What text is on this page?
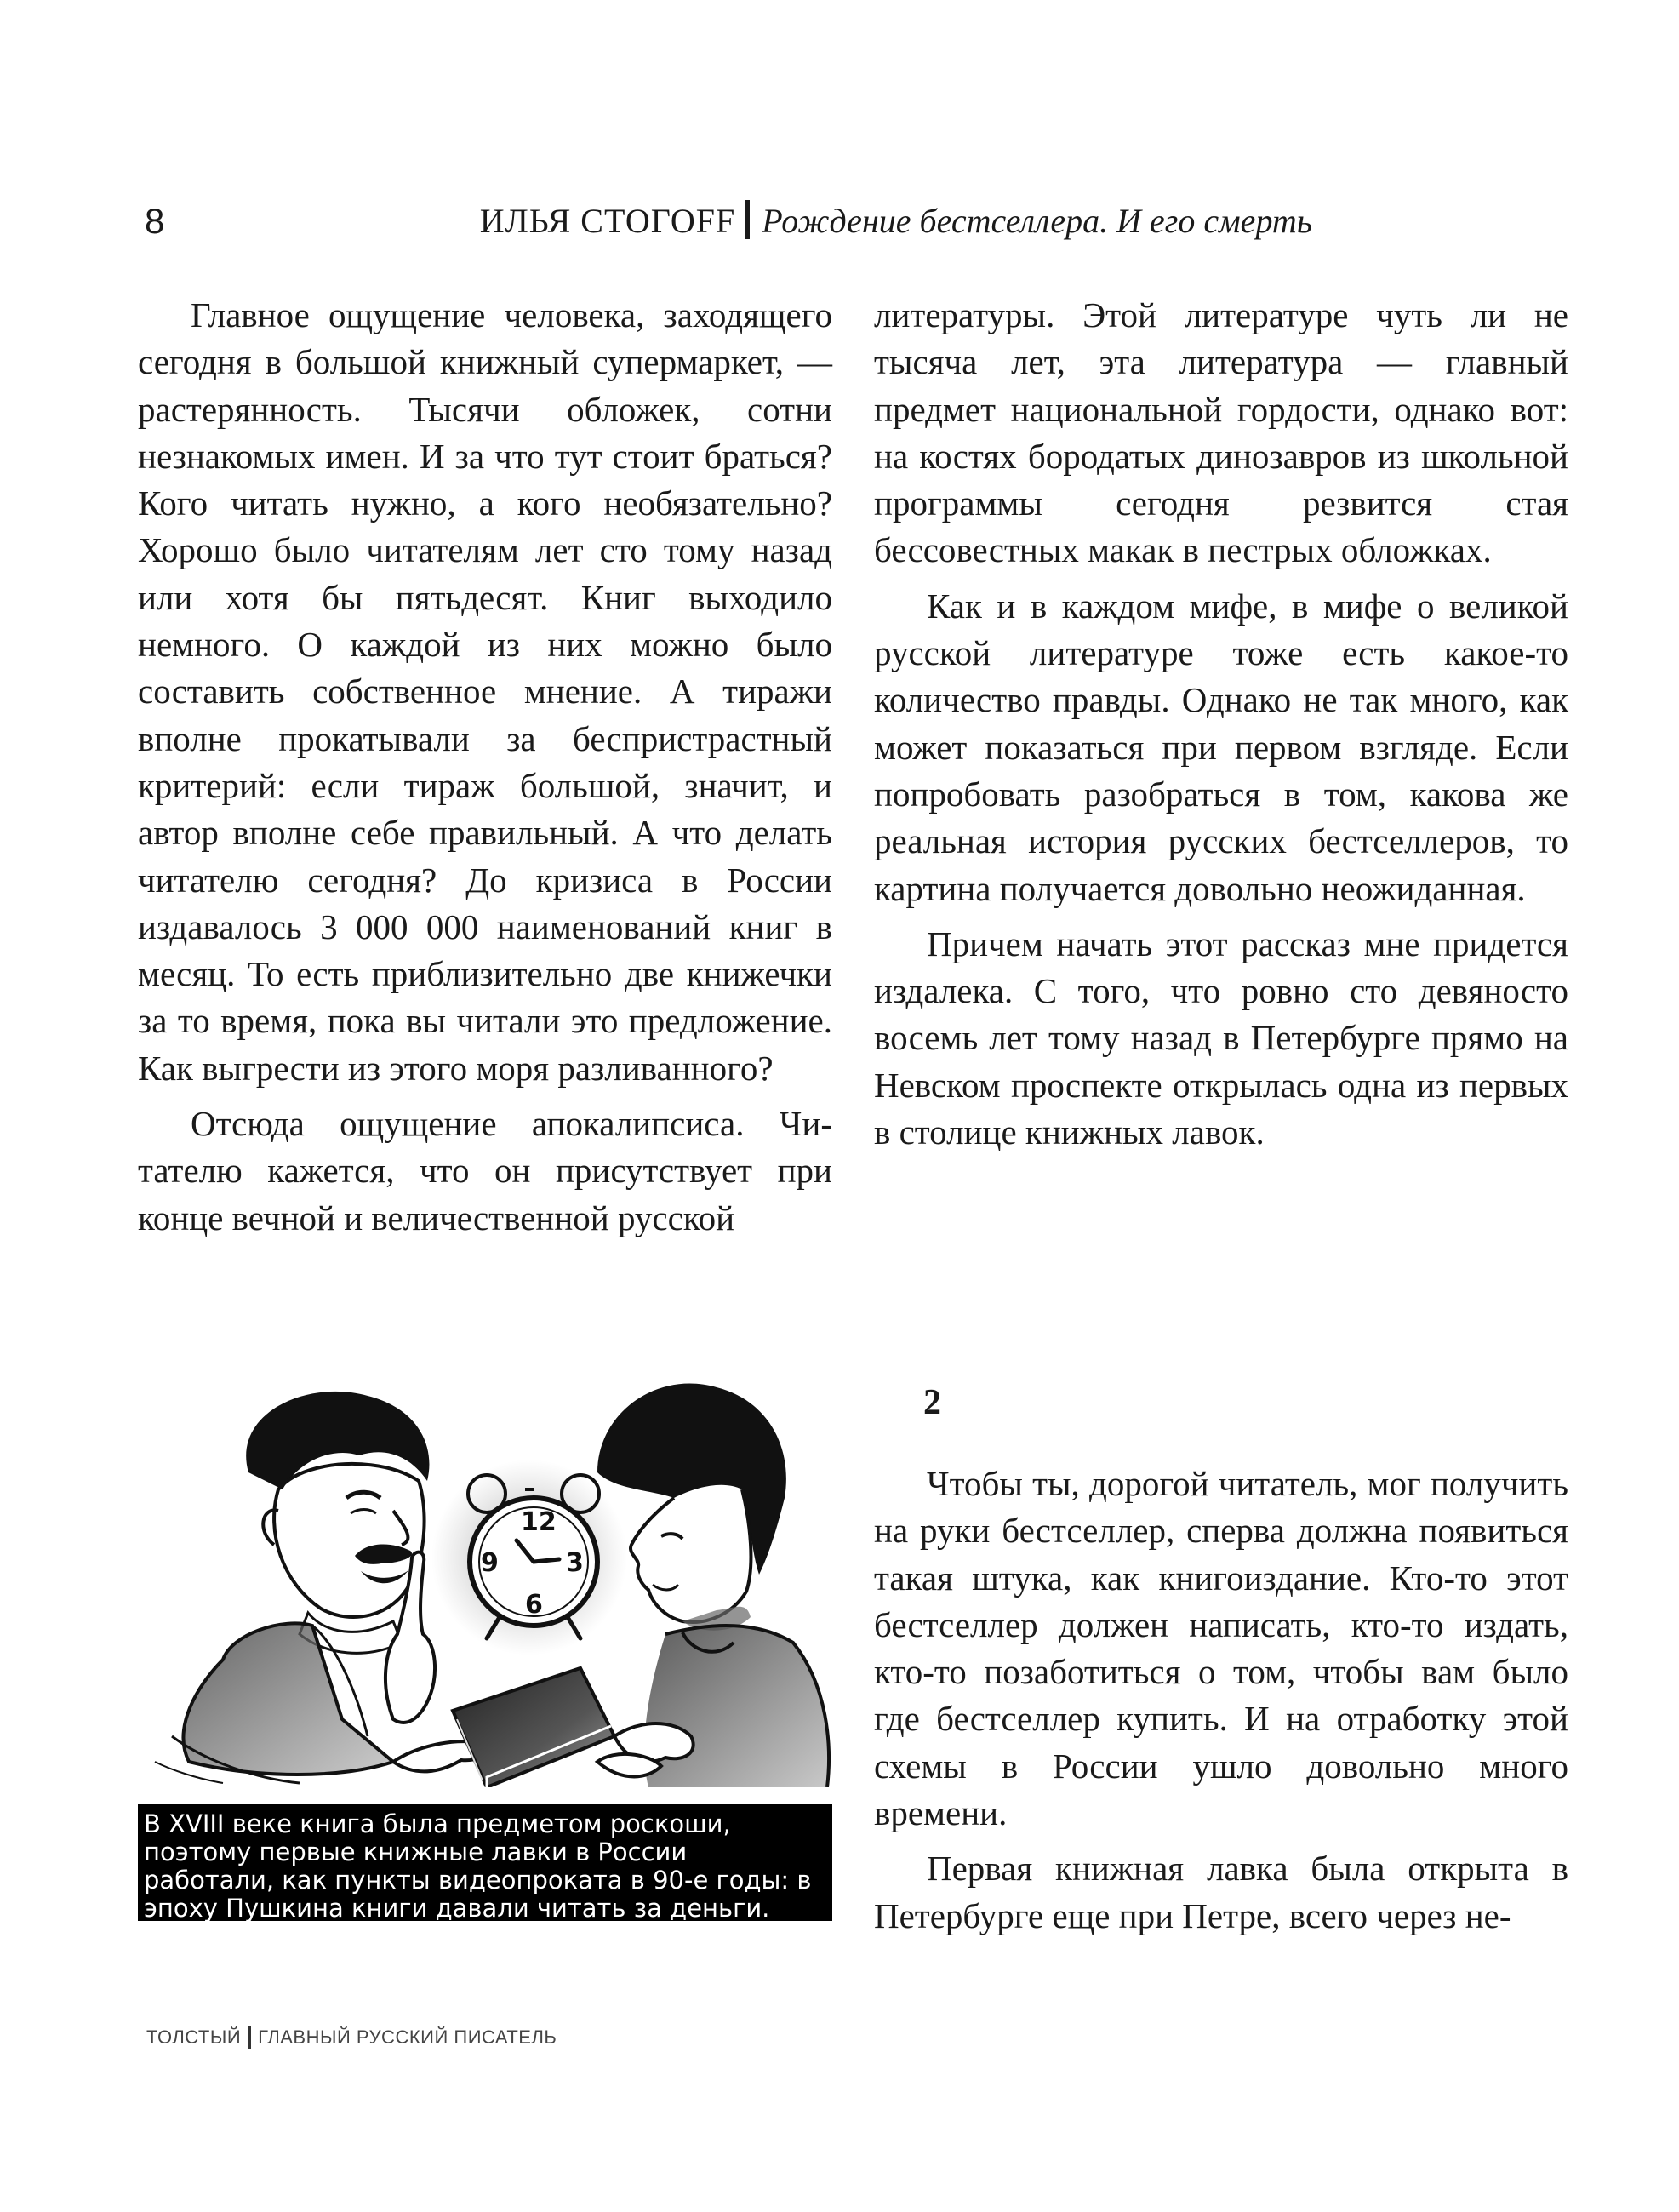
8	ИЛЬЯ СТОГОFF Рождение бестселлера. И его смерть

Главное ощущение человека, заходящего сегодня в большой книжный супермаркет, — растерянность. Тысячи обложек, сотни незнакомых имен. И за что тут стоит браться? Кого читать нужно, а кого необязательно? Хорошо было читателям лет сто тому назад или хотя бы пятьдесят. Книг выходило немного. О каждой из них можно было составить собственное мнение. А тиражи вполне прокатывали за беспристрастный критерий: если тираж большой, значит, и автор вполне себе правильный. А что делать читателю сегодня? До кризиса в России издавалось 3 000 000 наименований книг в месяц. То есть приблизительно две книжечки за то время, пока вы читали это предложение. Как выгрести из этого моря разливанного?

Отсюда ощущение апокалипсиса. Читателю кажется, что он присутствует при конце вечной и величественной русской

литературы. Этой литературе чуть ли не тысяча лет, эта литература — главный предмет национальной гордости, однако вот: на костях бородатых динозавров из школьной программы сегодня резвится стая бессовестных макак в пестрых обложках.

Как и в каждом мифе, в мифе о великой русской литературе тоже есть какое-то количество правды. Однако не так много, как может показаться при первом взгляде. Если попробовать разобраться в том, какова же реальная история русских бестселлеров, то картина получается довольно неожиданная.

Причем начать этот рассказ мне придется издалека. С того, что ровно сто девяносто восемь лет тому назад в Петербурге прямо на Невском проспекте открылась одна из первых в столице книжных лавок.

2

Чтобы ты, дорогой читатель, мог получить на руки бестселлер, сперва должна появиться такая штука, как книгоиздание. Кто-то этот бестселлер должен написать, кто-то издать, кто-то позаботиться о том, чтобы вам было где бестселлер купить. И на отработку этой схемы в России ушло довольно много времени.

Первая книжная лавка была открыта в Петербурге еще при Петре, всего через не-

12
9	3
6
В XVIII веке книга была предметом роскоши, поэтому первые книжные лавки в России работали, как пункты видеопроката в 90-е годы: в эпоху Пушкина книги давали читать за деньги.
ТОЛСТЫЙ ГЛАВНЫЙ РУССКИЙ ПИСАТЕЛЬ
